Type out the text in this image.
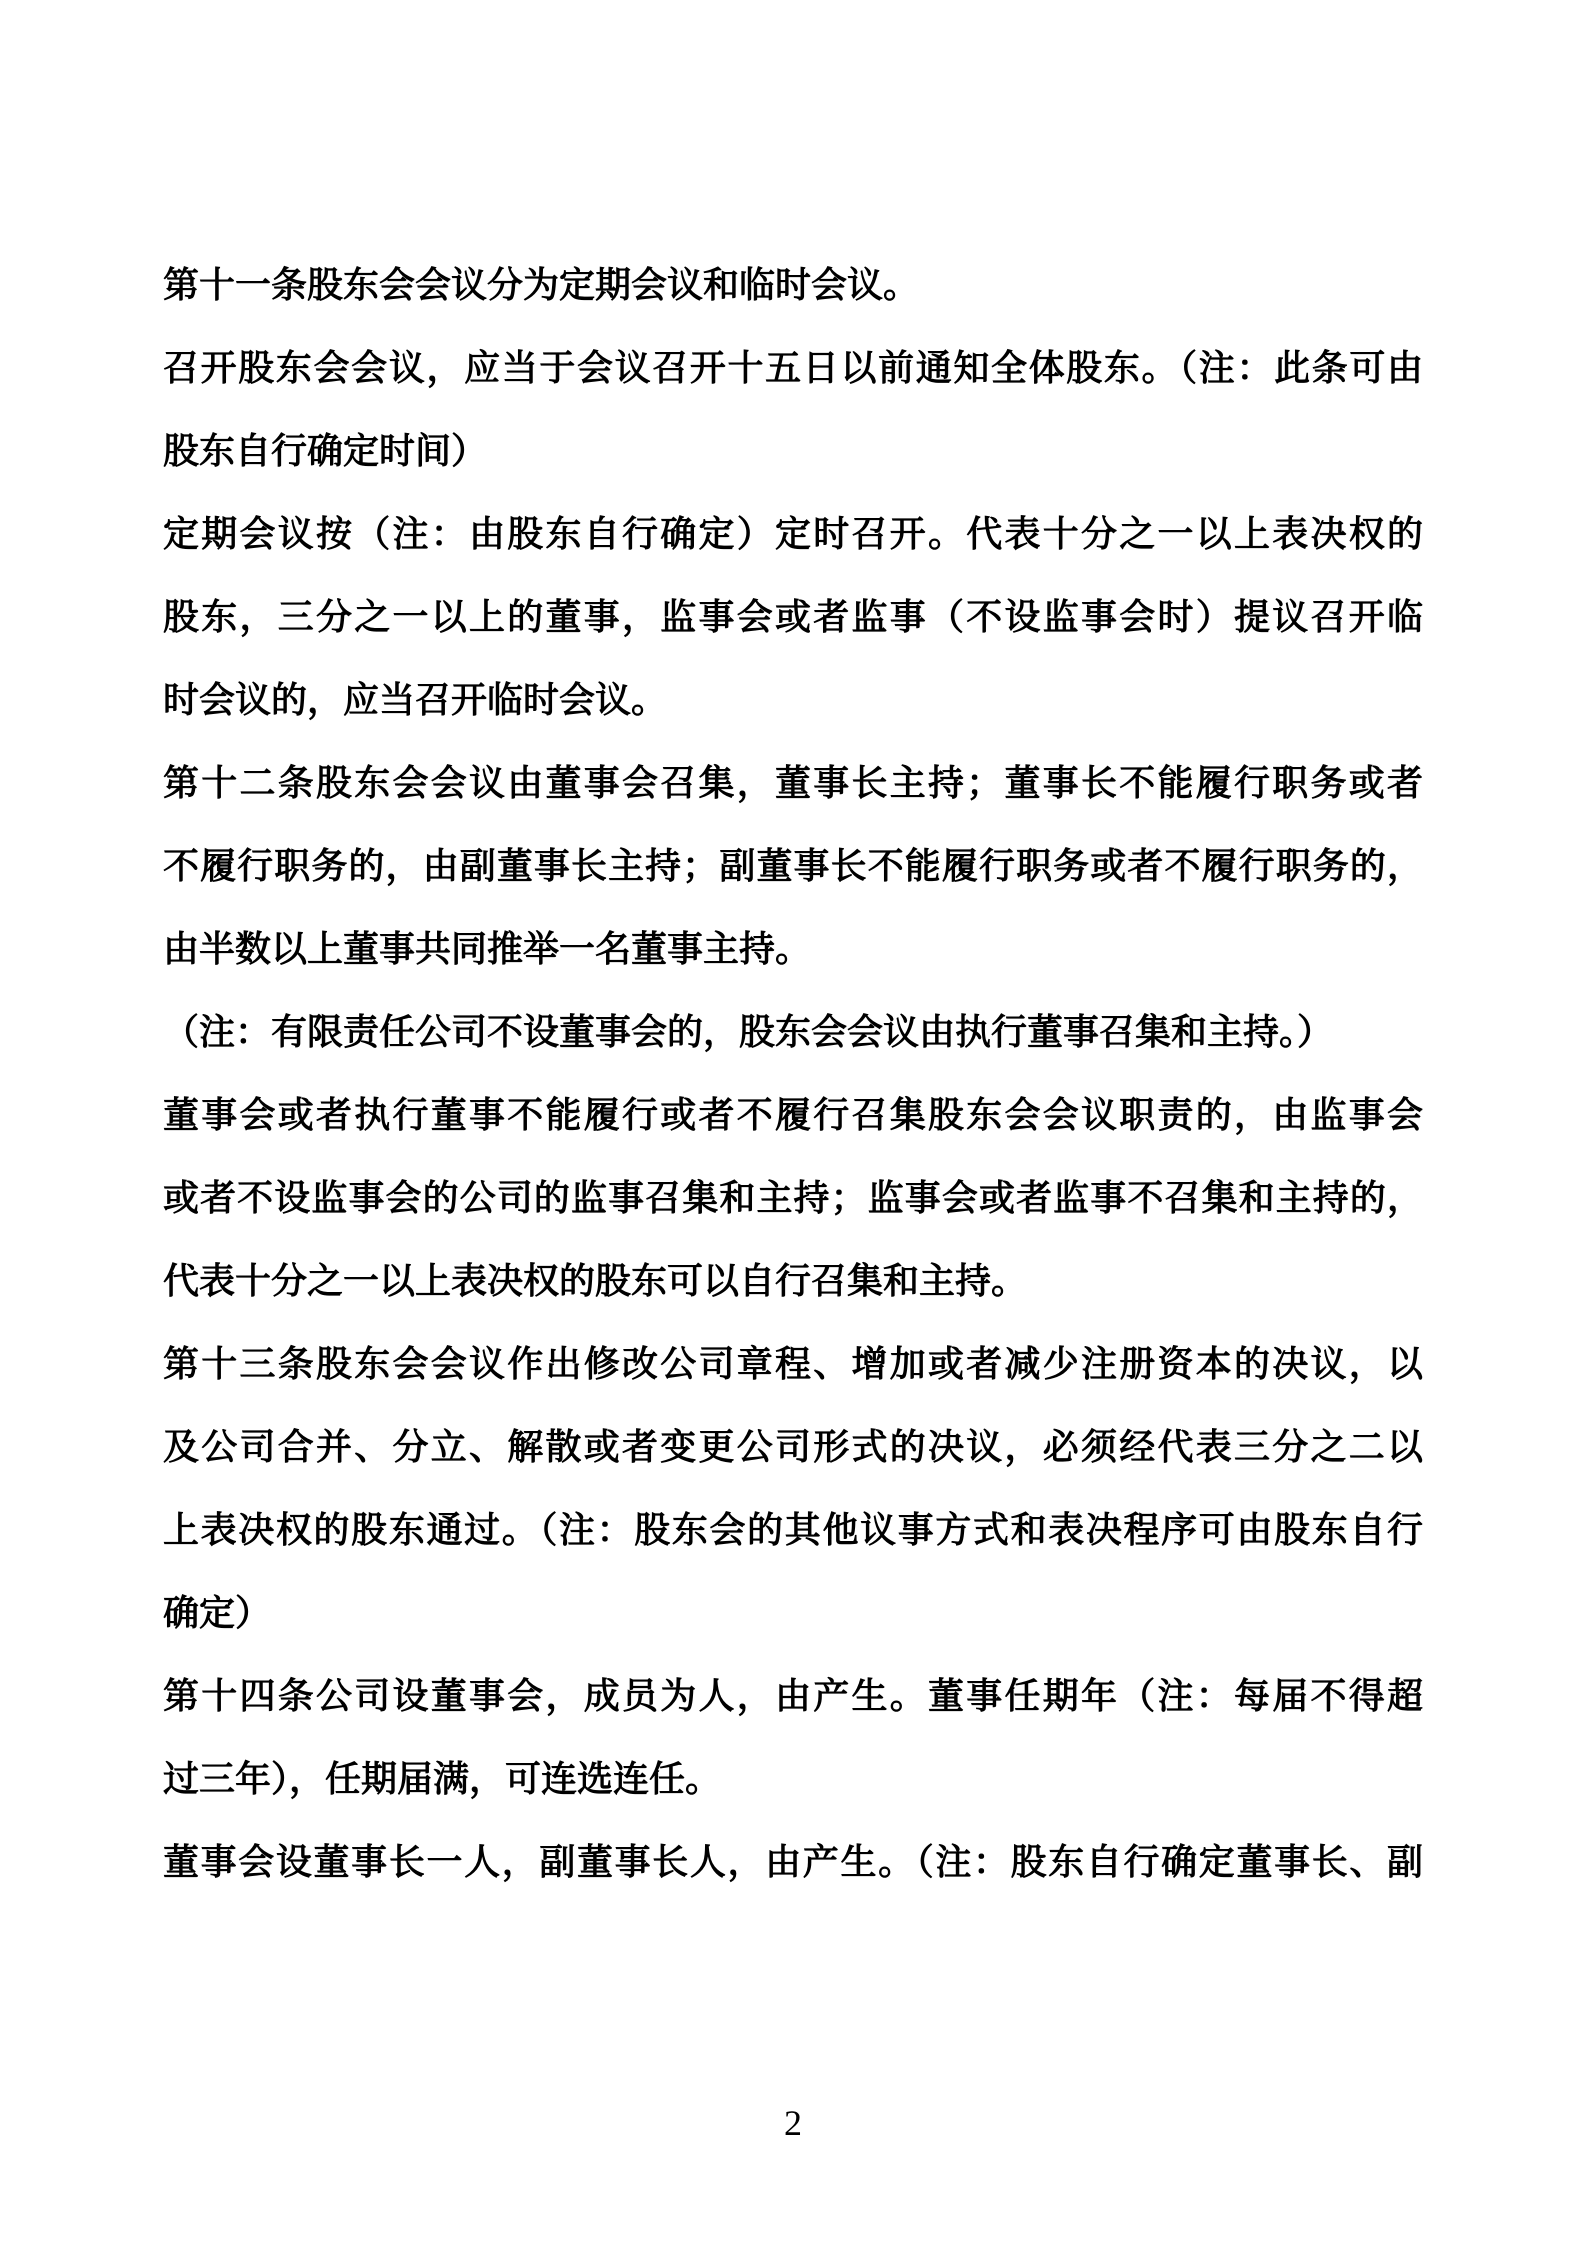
第十一条股东会会议分为定期会议和临时会议。
召开股东会会议，应当于会议召开十五日以前通知全体股东。（注：此条可由
股东自行确定时间）
定期会议按（注：由股东自行确定）定时召开。代表十分之一以上表决权的
股东，三分之一以上的董事，监事会或者监事（不设监事会时）提议召开临
时会议的，应当召开临时会议。
第十二条股东会会议由董事会召集，董事长主持；董事长不能履行职务或者
不履行职务的，由副董事长主持；副董事长不能履行职务或者不履行职务的，
由半数以上董事共同推举一名董事主持。
（注：有限责任公司不设董事会的，股东会会议由执行董事召集和主持。）
董事会或者执行董事不能履行或者不履行召集股东会会议职责的，由监事会
或者不设监事会的公司的监事召集和主持；监事会或者监事不召集和主持的，
代表十分之一以上表决权的股东可以自行召集和主持。
第十三条股东会会议作出修改公司章程、增加或者减少注册资本的决议，以
及公司合并、分立、解散或者变更公司形式的决议，必须经代表三分之二以
上表决权的股东通过。（注：股东会的其他议事方式和表决程序可由股东自行
确定）
第十四条公司设董事会，成员为人，由产生。董事任期年（注：每届不得超
过三年），任期届满，可连选连任。
董事会设董事长一人，副董事长人，由产生。（注：股东自行确定董事长、副
2
